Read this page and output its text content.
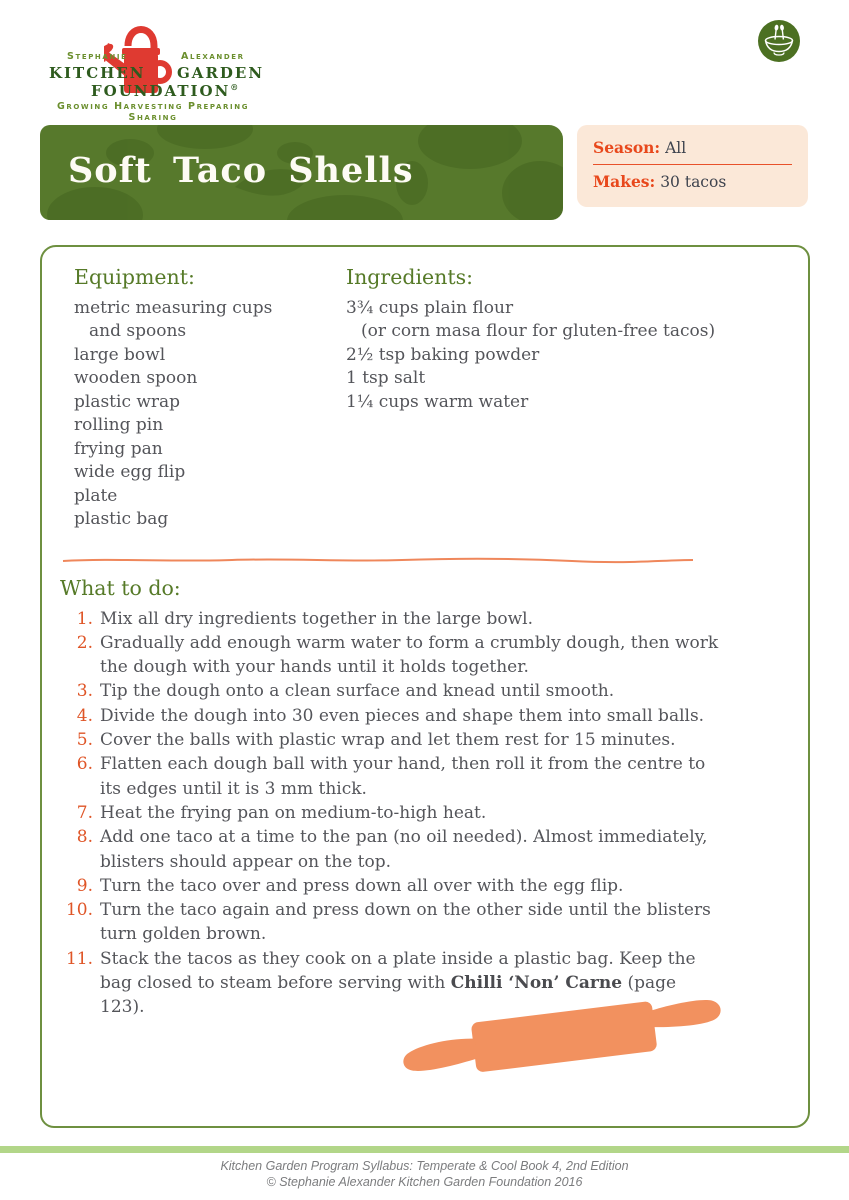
Stephanie	Alexander
KITCHEN GARDEN
FOUNDATION®
Growing Harvesting Preparing Sharing
Soft Taco Shells
Season: All
Makes: 30 tacos
Equipment:
metric measuring cups
and spoons
large bowl
wooden spoon
plastic wrap
rolling pin
frying pan
wide egg flip
plate
plastic bag
Ingredients:
3¾ cups plain flour
(or corn masa flour for gluten-free tacos)
2½ tsp baking powder
1 tsp salt
1¼ cups warm water
What to do:
1. Mix all dry ingredients together in the large bowl.
2. Gradually add enough warm water to form a crumbly dough, then work the dough with your hands until it holds together.
3. Tip the dough onto a clean surface and knead until smooth.
4. Divide the dough into 30 even pieces and shape them into small balls.
5. Cover the balls with plastic wrap and let them rest for 15 minutes.
6. Flatten each dough ball with your hand, then roll it from the centre to its edges until it is 3 mm thick.
7. Heat the frying pan on medium-to-high heat.
8. Add one taco at a time to the pan (no oil needed). Almost immediately, blisters should appear on the top.
9. Turn the taco over and press down all over with the egg flip.
10. Turn the taco again and press down on the other side until the blisters turn golden brown.
11. Stack the tacos as they cook on a plate inside a plastic bag. Keep the bag closed to steam before serving with Chilli ‘Non’ Carne (page 123).
Kitchen Garden Program Syllabus: Temperate & Cool Book 4, 2nd Edition
© Stephanie Alexander Kitchen Garden Foundation 2016
